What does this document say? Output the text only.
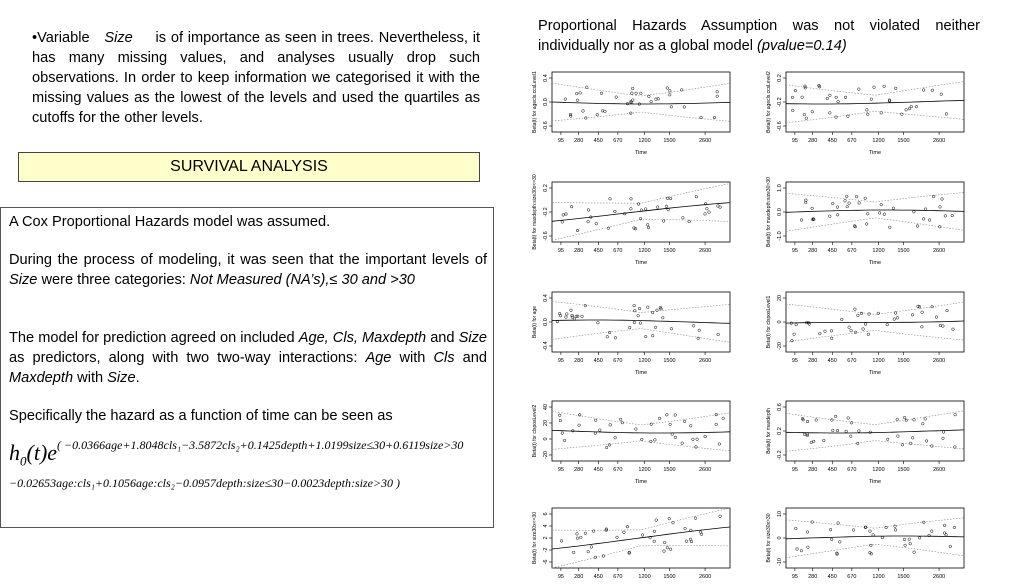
•Variable Size is of importance as seen in trees. Nevertheless, it has many missing values, and analyses usually drop such observations. In order to keep information we categorised it with the missing values as the lowest of the levels and used the quartiles as cutoffs for the other levels.
SURVIVAL ANALYSIS

A Cox Proportional Hazards model was assumed.

During the process of modeling, it was seen that the important levels of Size were three categories: Not Measured (NA’s),≤ 30 and >30

The model for prediction agreed on included Age, Cls, Maxdepth and Size as predictors, along with two two-way interactions: Age with Cls and Maxdepth with Size.

Specifically the hazard as a function of time can be seen as

$h_0(t)e^{( -0.0366age+1.8048cls_1-3.5872cls_2+0.1425depth+1.0199size\le 30+0.6119size>30}$
−0.02653age:cls₁+0.1056age:cls₂−0.0957depth:size≤30−0.0023depth:size>30 )
Proportional Hazards Assumption was not violated neither individually nor as a global model (pvalue=0.14)
-0.6
0.0
0.4
Beta(t) for agecls.ccsLevel1
95 280 450 670	1200 1500	2600
Time
-0.6
-0.2
0.2
Beta(t) for agecls.ccsLevel2
95 280 450 670	1200 1500	2600
Time
-0.6
-0.2
0.2
Beta(t) for maxdepth:size30x<=30
95 280 450 670	1200 1500	2600
Time
-1.0
0.0
1.0
Beta(t) for maxdepth:size30>30
95 280 450 670	1200 1500	2600
Time
-0.4
0.0
0.4
Beta(t) for age
95 280 450 670	1200 1500	2600
Time
-20
0
20
Beta(t) for clsposLevel1
95 280 450 670	1200 1500	2600
Time
-20
0
20
40
Beta(t) for clsposLevel2
95 280 450 670	1200 1500	2600
Time
-0.2
0.2
0.6
Beta(t) for maxdepth
95 280 450 670	1200 1500	2600
Time
-6
-2
2
4
6
Beta(t) for size30x<=30
95 280 450 670	1200 1500	2600
-10
0
10
Beta(t) for size30x>30
95 280 450 670	1200 1500	2600
